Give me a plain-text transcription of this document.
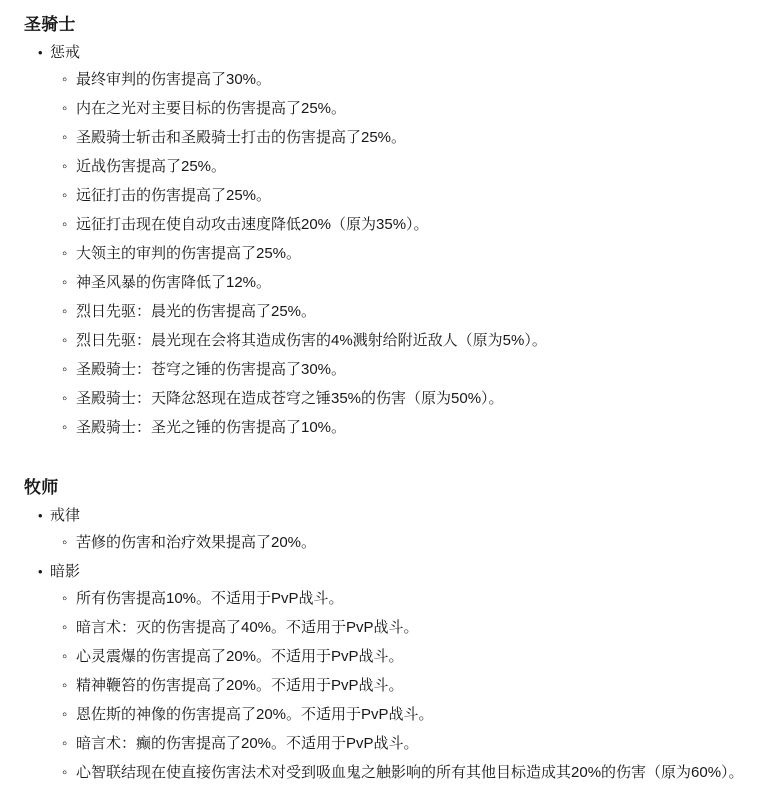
圣骑士
•
惩戒
◦
最终审判的伤害提高了30%。
◦
内在之光对主要目标的伤害提高了25%。
◦
圣殿骑士斩击和圣殿骑士打击的伤害提高了25%。
◦
近战伤害提高了25%。
◦
远征打击的伤害提高了25%。
◦
远征打击现在使自动攻击速度降低20%（原为35%）。
◦
大领主的审判的伤害提高了25%。
◦
神圣风暴的伤害降低了12%。
◦
烈日先驱：晨光的伤害提高了25%。
◦
烈日先驱：晨光现在会将其造成伤害的4%溅射给附近敌人（原为5%）。
◦
圣殿骑士：苍穹之锤的伤害提高了30%。
◦
圣殿骑士：天降忿怒现在造成苍穹之锤35%的伤害（原为50%）。
◦
圣殿骑士：圣光之锤的伤害提高了10%。
牧师
•
戒律
◦
苦修的伤害和治疗效果提高了20%。
•
暗影
◦
所有伤害提高10%。不适用于PvP战斗。
◦
暗言术：灭的伤害提高了40%。不适用于PvP战斗。
◦
心灵震爆的伤害提高了20%。不适用于PvP战斗。
◦
精神鞭笞的伤害提高了20%。不适用于PvP战斗。
◦
恩佐斯的神像的伤害提高了20%。不适用于PvP战斗。
◦
暗言术：癫的伤害提高了20%。不适用于PvP战斗。
◦
心智联结现在使直接伤害法术对受到吸血鬼之触影响的所有其他目标造成其20%的伤害（原为60%）。
